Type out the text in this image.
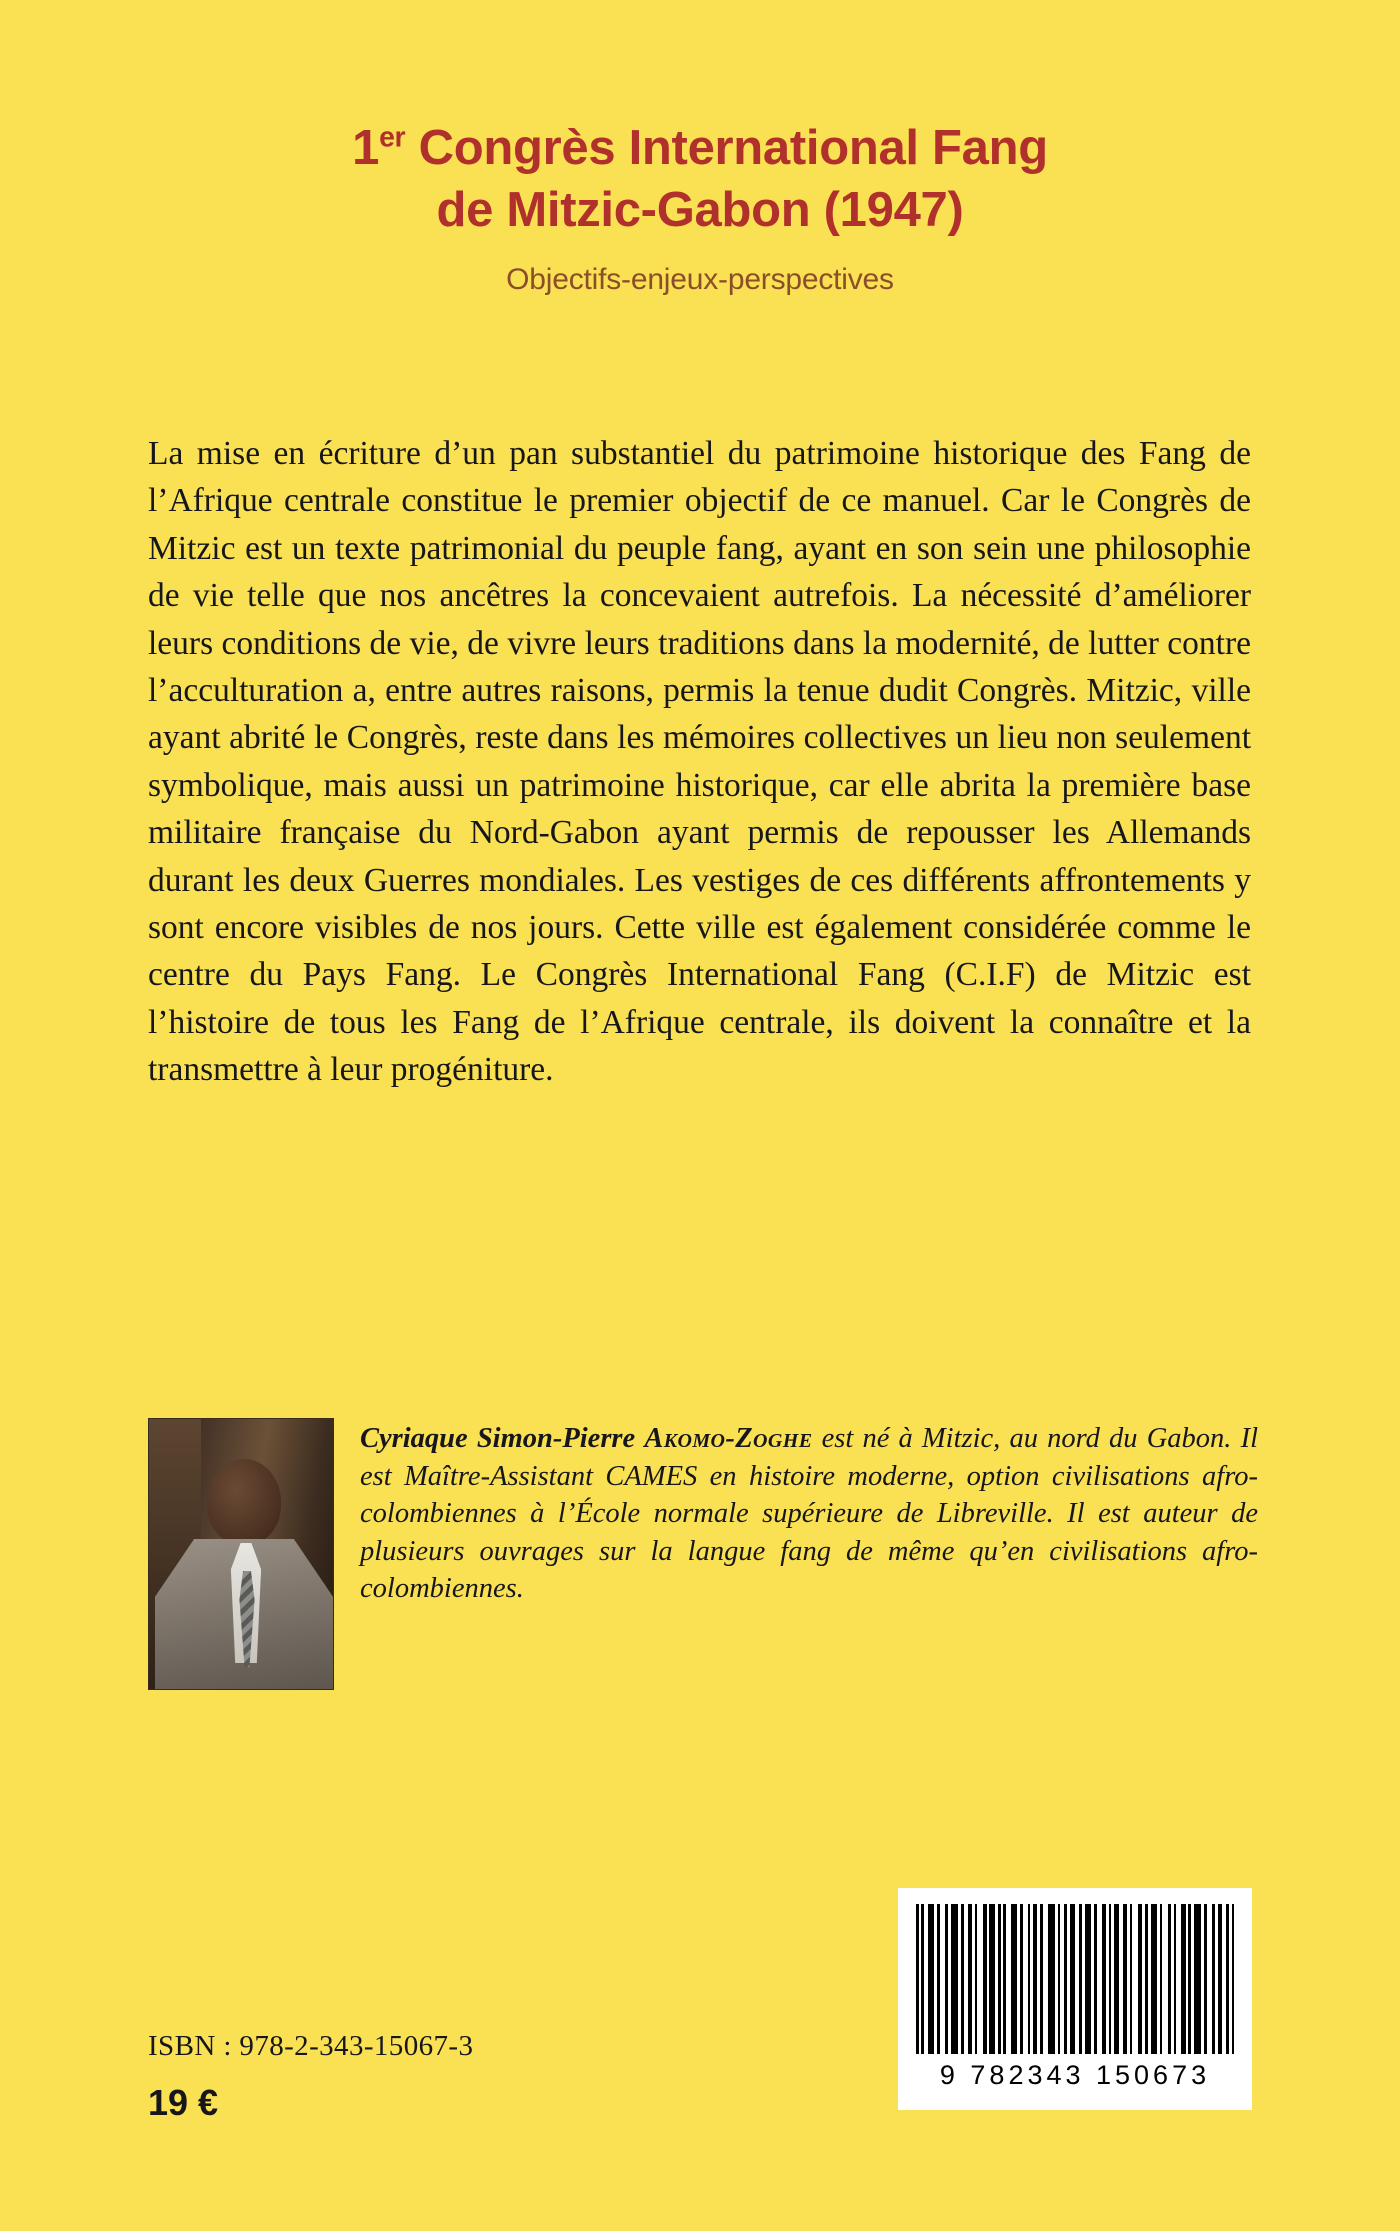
1er Congrès International Fang
de Mitzic-Gabon (1947)
Objectifs-enjeux-perspectives
La mise en écriture d’un pan substantiel du patrimoine historique des Fang de l’Afrique centrale constitue le premier objectif de ce manuel. Car le Congrès de Mitzic est un texte patrimonial du peuple fang, ayant en son sein une philosophie de vie telle que nos ancêtres la concevaient autrefois. La nécessité d’améliorer leurs conditions de vie, de vivre leurs traditions dans la modernité, de lutter contre l’acculturation a, entre autres raisons, permis la tenue dudit Congrès. Mitzic, ville ayant abrité le Congrès, reste dans les mémoires collectives un lieu non seulement symbolique, mais aussi un patrimoine historique, car elle abrita la première base militaire française du Nord-Gabon ayant permis de repousser les Allemands durant les deux Guerres mondiales. Les vestiges de ces différents affrontements y sont encore visibles de nos jours. Cette ville est également considérée comme le centre du Pays Fang. Le Congrès International Fang (C.I.F) de Mitzic est l’histoire de tous les Fang de l’Afrique centrale, ils doivent la connaître et la transmettre à leur progéniture.
Cyriaque Simon-Pierre Akomo-Zoghe est né à Mitzic, au nord du Gabon. Il est Maître-Assistant CAMES en histoire moderne, option civilisations afro-colombiennes à l’École normale supérieure de Libreville. Il est auteur de plusieurs ouvrages sur la langue fang de même qu’en civilisations afro-colombiennes.
9 782343 150673
ISBN : 978-2-343-15067-3
19 €
